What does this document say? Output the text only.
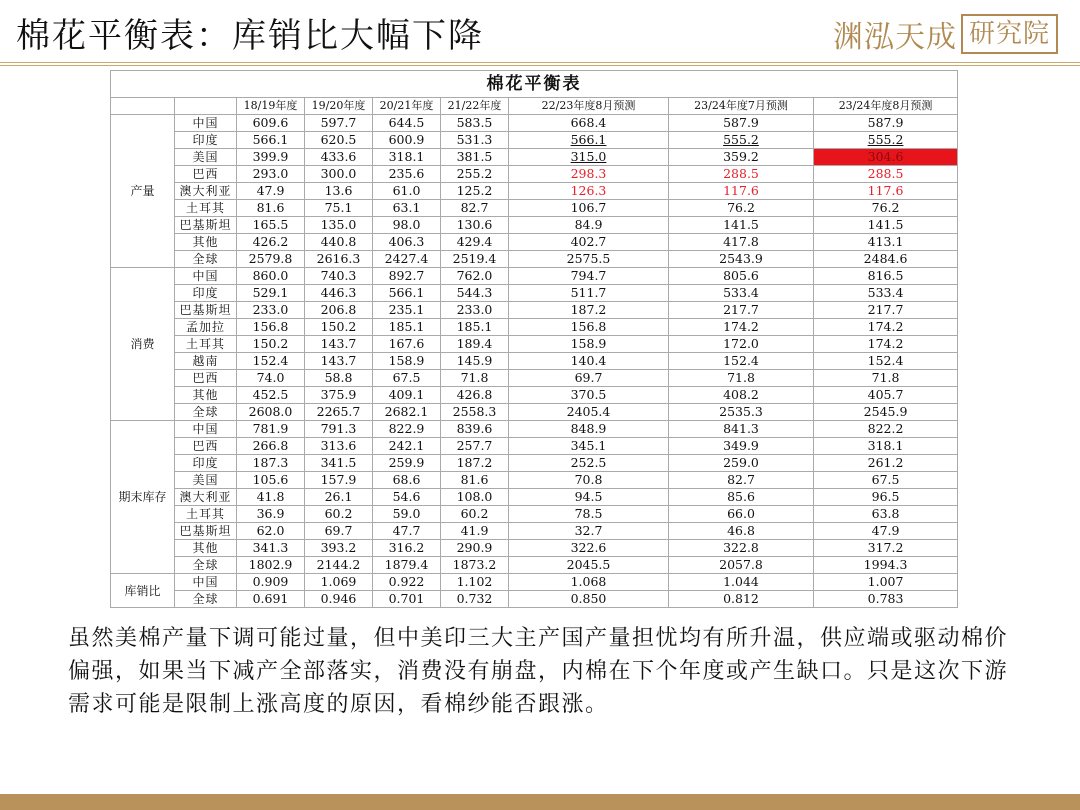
棉花平衡表：库销比大幅下降	渊泓天成 研究院
棉花平衡表								
		18/19年度	19/20年度	20/21年度	21/22年度	22/23年度8月预测	23/24年度7月预测	23/24年度8月预测
产量	中国	609.6	597.7	644.5	583.5	668.4	587.9	587.9
	印度	566.1	620.5	600.9	531.3	566.1	555.2	555.2
	美国	399.9	433.6	318.1	381.5	315.0	359.2	304.6
	巴西	293.0	300.0	235.6	255.2	298.3	288.5	288.5
	澳大利亚	47.9	13.6	61.0	125.2	126.3	117.6	117.6
	土耳其	81.6	75.1	63.1	82.7	106.7	76.2	76.2
	巴基斯坦	165.5	135.0	98.0	130.6	84.9	141.5	141.5
	其他	426.2	440.8	406.3	429.4	402.7	417.8	413.1
	全球	2579.8	2616.3	2427.4	2519.4	2575.5	2543.9	2484.6
消费	中国	860.0	740.3	892.7	762.0	794.7	805.6	816.5
	印度	529.1	446.3	566.1	544.3	511.7	533.4	533.4
	巴基斯坦	233.0	206.8	235.1	233.0	187.2	217.7	217.7
	孟加拉	156.8	150.2	185.1	185.1	156.8	174.2	174.2
	土耳其	150.2	143.7	167.6	189.4	158.9	172.0	174.2
	越南	152.4	143.7	158.9	145.9	140.4	152.4	152.4
	巴西	74.0	58.8	67.5	71.8	69.7	71.8	71.8
	其他	452.5	375.9	409.1	426.8	370.5	408.2	405.7
	全球	2608.0	2265.7	2682.1	2558.3	2405.4	2535.3	2545.9
期末库存	中国	781.9	791.3	822.9	839.6	848.9	841.3	822.2
	巴西	266.8	313.6	242.1	257.7	345.1	349.9	318.1
	印度	187.3	341.5	259.9	187.2	252.5	259.0	261.2
	美国	105.6	157.9	68.6	81.6	70.8	82.7	67.5
	澳大利亚	41.8	26.1	54.6	108.0	94.5	85.6	96.5
	土耳其	36.9	60.2	59.0	60.2	78.5	66.0	63.8
	巴基斯坦	62.0	69.7	47.7	41.9	32.7	46.8	47.9
	其他	341.3	393.2	316.2	290.9	322.6	322.8	317.2
	全球	1802.9	2144.2	1879.4	1873.2	2045.5	2057.8	1994.3
库销比	中国	0.909	1.069	0.922	1.102	1.068	1.044	1.007
	全球	0.691	0.946	0.701	0.732	0.850	0.812	0.783
虽然美棉产量下调可能过量，但中美印三大主产国产量担忧均有所升温，供应端或驱动棉价偏强，如果当下减产全部落实，消费没有崩盘，内棉在下个年度或产生缺口。只是这次下游需求可能是限制上涨高度的原因，看棉纱能否跟涨。
